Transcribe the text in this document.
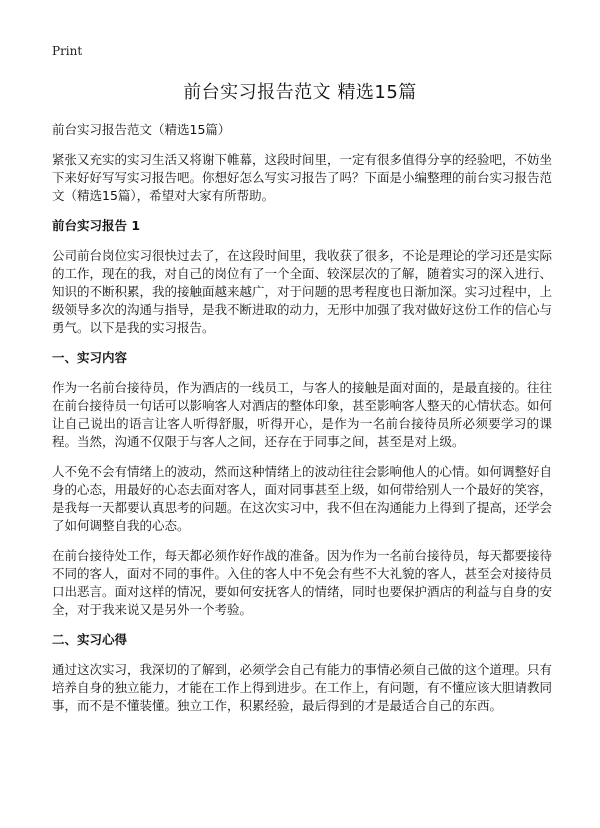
Print
前台实习报告范文 精选15篇

前台实习报告范文（精选15篇）

紧张又充实的实习生活又将谢下帷幕，这段时间里，一定有很多值得分享的经验吧，不妨坐下来好好写写实习报告吧。你想好怎么写实习报告了吗？下面是小编整理的前台实习报告范文（精选15篇），希望对大家有所帮助。

前台实习报告 1

公司前台岗位实习很快过去了，在这段时间里，我收获了很多，不论是理论的学习还是实际的工作，现在的我，对自己的岗位有了一个全面、较深层次的了解，随着实习的深入进行、知识的不断积累，我的接触面越来越广，对于问题的思考程度也日渐加深。实习过程中，上级领导多次的沟通与指导，是我不断进取的动力，无形中加强了我对做好这份工作的信心与勇气。以下是我的实习报告。

一、实习内容

作为一名前台接待员，作为酒店的一线员工，与客人的接触是面对面的，是最直接的。往往在前台接待员一句话可以影响客人对酒店的整体印象，甚至影响客人整天的心情状态。如何让自己说出的语言让客人听得舒服，听得开心，是作为一名前台接待员所必须要学习的课程。当然，沟通不仅限于与客人之间，还存在于同事之间，甚至是对上级。

人不免不会有情绪上的波动，然而这种情绪上的波动往往会影响他人的心情。如何调整好自身的心态，用最好的心态去面对客人，面对同事甚至上级，如何带给别人一个最好的笑容，是我每一天都要认真思考的问题。在这次实习中，我不但在沟通能力上得到了提高，还学会了如何调整自我的心态。

在前台接待处工作，每天都必须作好作战的准备。因为作为一名前台接待员，每天都要接待不同的客人，面对不同的事件。入住的客人中不免会有些不大礼貌的客人，甚至会对接待员口出恶言。面对这样的情况，要如何安抚客人的情绪，同时也要保护酒店的利益与自身的安全，对于我来说又是另外一个考验。

二、实习心得

通过这次实习，我深切的了解到，必须学会自己有能力的事情必须自己做的这个道理。只有培养自身的独立能力，才能在工作上得到进步。在工作上，有问题，有不懂应该大胆请教同事，而不是不懂装懂。独立工作，积累经验，最后得到的才是最适合自己的东西。
